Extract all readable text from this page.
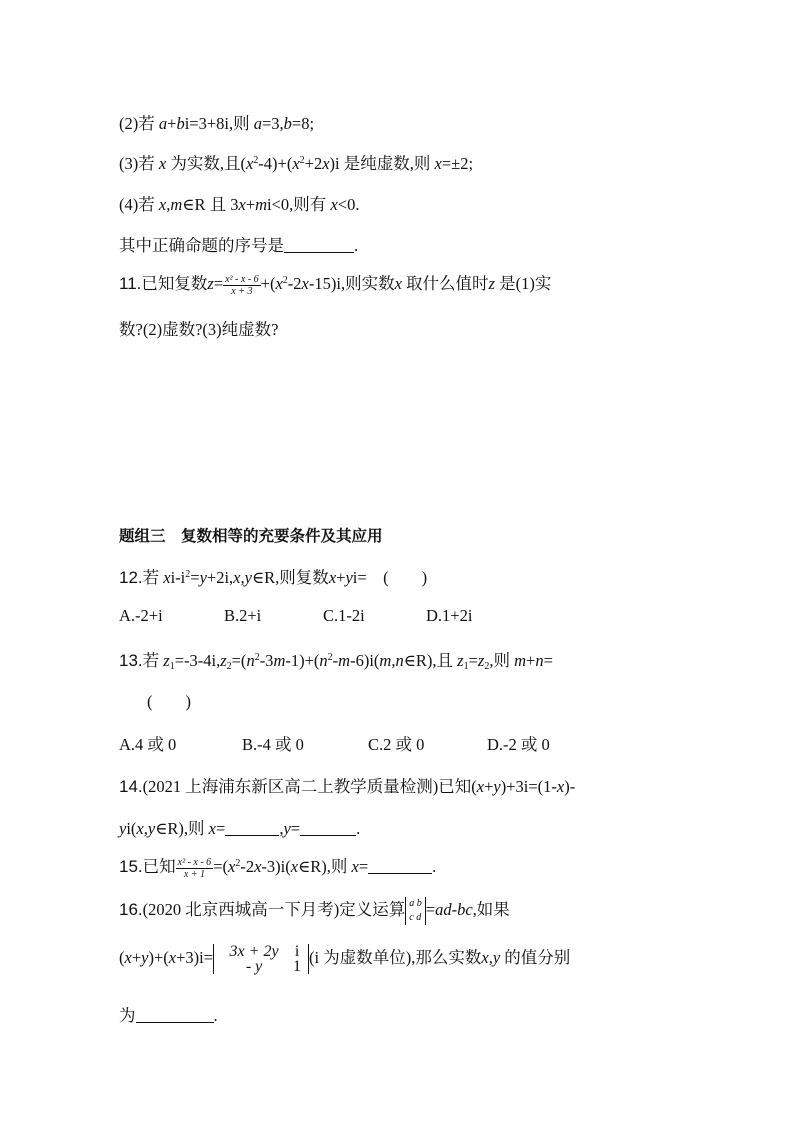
(2)若 a+bi=3+8i,则 a=3,b=8;
(3)若 x 为实数,且$(x^2-4)+(x^2+2x)i$ 是纯虚数,则 x=±2;
(4)若 x,m∈R 且 3x+mi<0,则有 x<0.
其中正确命题的序号是	.
11.已知复数$z= \frac{\text{x² - x - 6}}{x + 3} +(x^2-2x-15)i$,则实数x 取什么值时z 是(1)实
数?(2)虚数?(3)纯虚数?
题组三　复数相等的充要条件及其应用
12.若 $xi-i^2=y+2i,x,y\in R$,则复数x+yi=　(　　)
A.-2+i	B.2+i	C.1-2i	D.1+2i
13.若 $z_1=-3-4i,z_2=(n^2-3m-1)+(n^2-m-6)i(m,n\in R)$,且 $z_1=z_2$,则 m+n=
(　　)
A.4 或 0	B.-4 或 0	C.2 或 0	D.-2 或 0
14.(2021 上海浦东新区高二上教学质量检测)已知(x+y)+3i=(1-x)-
yi(x,y∈R),则 x=	,y=	.
15.已知 $\frac{\text{x² - x - 6}}{x + 1}$ $=(x^2-2x-3)i(x\in R)$,则 x=	.
16.(2020 北京西城高一下月考)定义运算 a b
c d =ad-bc,如果
(x+y)+(x+3)i=	3x + 2y i
- y 1 (i 为虚数单位),那么实数x,y 的值分别
为	.
